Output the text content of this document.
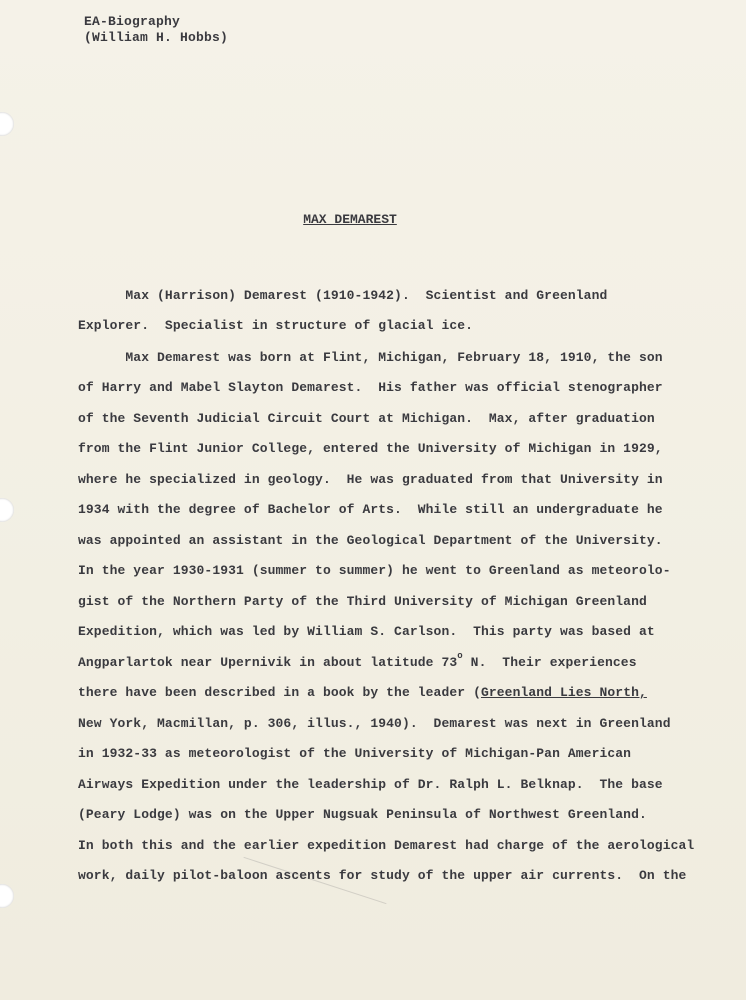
EA-Biography
(William H. Hobbs)
MAX DEMAREST
Max (Harrison) Demarest (1910-1942).  Scientist and Greenland
Explorer.  Specialist in structure of glacial ice.
Max Demarest was born at Flint, Michigan, February 18, 1910, the son
of Harry and Mabel Slayton Demarest.  His father was official stenographer
of the Seventh Judicial Circuit Court at Michigan.  Max, after graduation
from the Flint Junior College, entered the University of Michigan in 1929,
where he specialized in geology.  He was graduated from that University in
1934 with the degree of Bachelor of Arts.  While still an undergraduate he
was appointed an assistant in the Geological Department of the University.
In the year 1930-1931 (summer to summer) he went to Greenland as meteorolo-
gist of the Northern Party of the Third University of Michigan Greenland
Expedition, which was led by William S. Carlson.  This party was based at
Angparlartok near Upernivik in about latitude 73$^o$ N.  Their experiences
there have been described in a book by the leader (Greenland Lies North,
New York, Macmillan, p. 306, illus., 1940).  Demarest was next in Greenland
in 1932-33 as meteorologist of the University of Michigan-Pan American
Airways Expedition under the leadership of Dr. Ralph L. Belknap.  The base
(Peary Lodge) was on the Upper Nugsuak Peninsula of Northwest Greenland.
In both this and the earlier expedition Demarest had charge of the aerological
work, daily pilot-baloon ascents for study of the upper air currents.  On the
